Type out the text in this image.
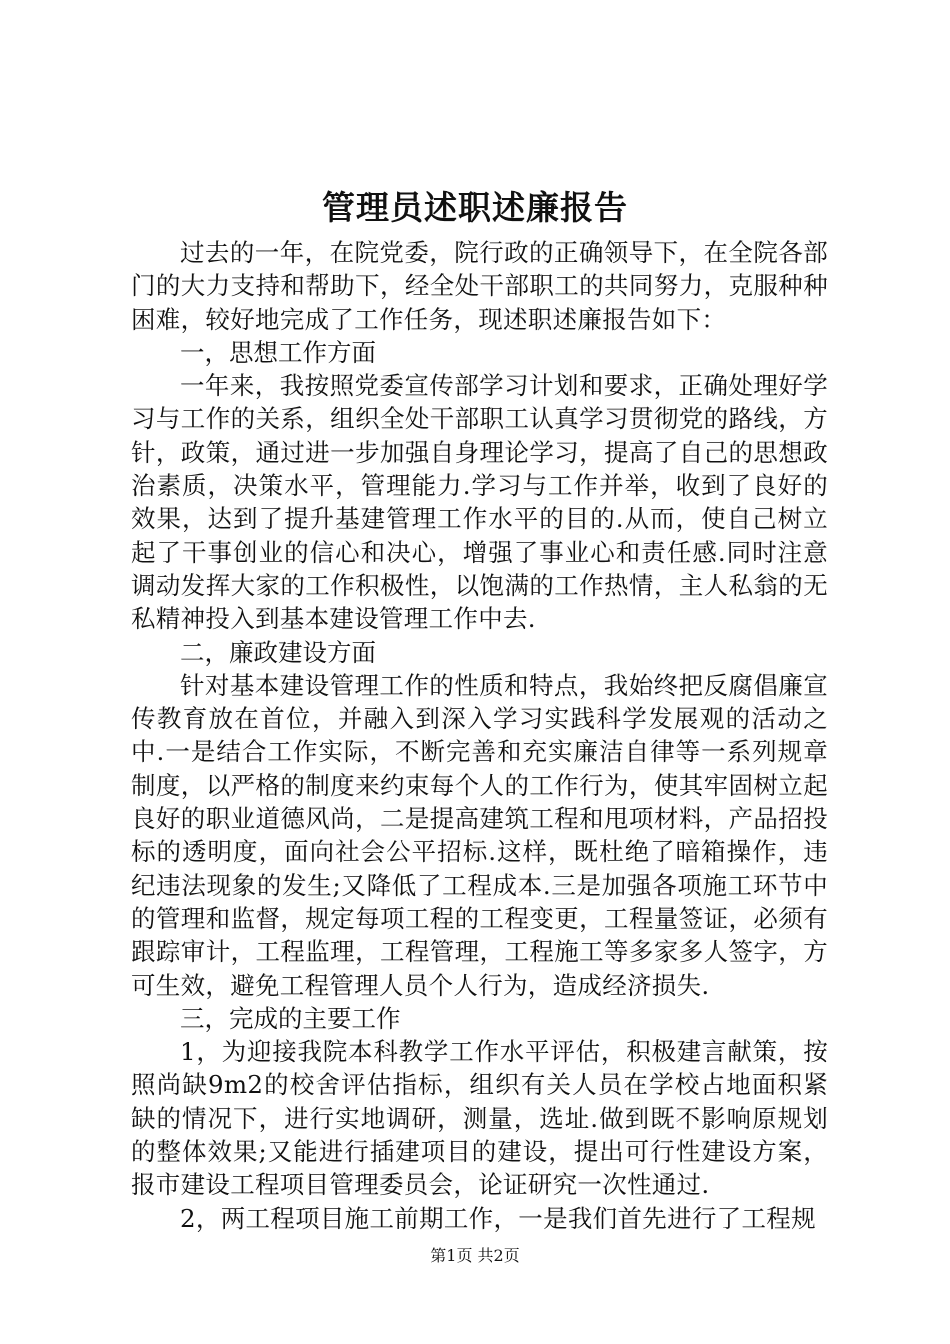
管理员述职述廉报告

过去的一年，在院党委，院行政的正确领导下，在全院各部门的大力支持和帮助下，经全处干部职工的共同努力，克服种种困难，较好地完成了工作任务，现述职述廉报告如下：

一，思想工作方面

一年来，我按照党委宣传部学习计划和要求，正确处理好学习与工作的关系，组织全处干部职工认真学习贯彻党的路线，方针，政策，通过进一步加强自身理论学习，提高了自己的思想政治素质，决策水平，管理能力.学习与工作并举，收到了良好的效果，达到了提升基建管理工作水平的目的.从而，使自己树立起了干事创业的信心和决心，增强了事业心和责任感.同时注意调动发挥大家的工作积极性，以饱满的工作热情，主人私翁的无私精神投入到基本建设管理工作中去.

二，廉政建设方面

针对基本建设管理工作的性质和特点，我始终把反腐倡廉宣传教育放在首位，并融入到深入学习实践科学发展观的活动之中.一是结合工作实际，不断完善和充实廉洁自律等一系列规章制度，以严格的制度来约束每个人的工作行为，使其牢固树立起良好的职业道德风尚，二是提高建筑工程和甩项材料，产品招投标的透明度，面向社会公平招标.这样，既杜绝了暗箱操作，违纪违法现象的发生;又降低了工程成本.三是加强各项施工环节中的管理和监督，规定每项工程的工程变更，工程量签证，必须有跟踪审计，工程监理，工程管理，工程施工等多家多人签字，方可生效，避免工程管理人员个人行为，造成经济损失.

三，完成的主要工作

1，为迎接我院本科教学工作水平评估，积极建言献策，按照尚缺9m2的校舍评估指标，组织有关人员在学校占地面积紧缺的情况下，进行实地调研，测量，选址.做到既不影响原规划的整体效果;又能进行插建项目的建设，提出可行性建设方案，报市建设工程项目管理委员会，论证研究一次性通过.

2，两工程项目施工前期工作，一是我们首先进行了工程规

第1页 共2页
